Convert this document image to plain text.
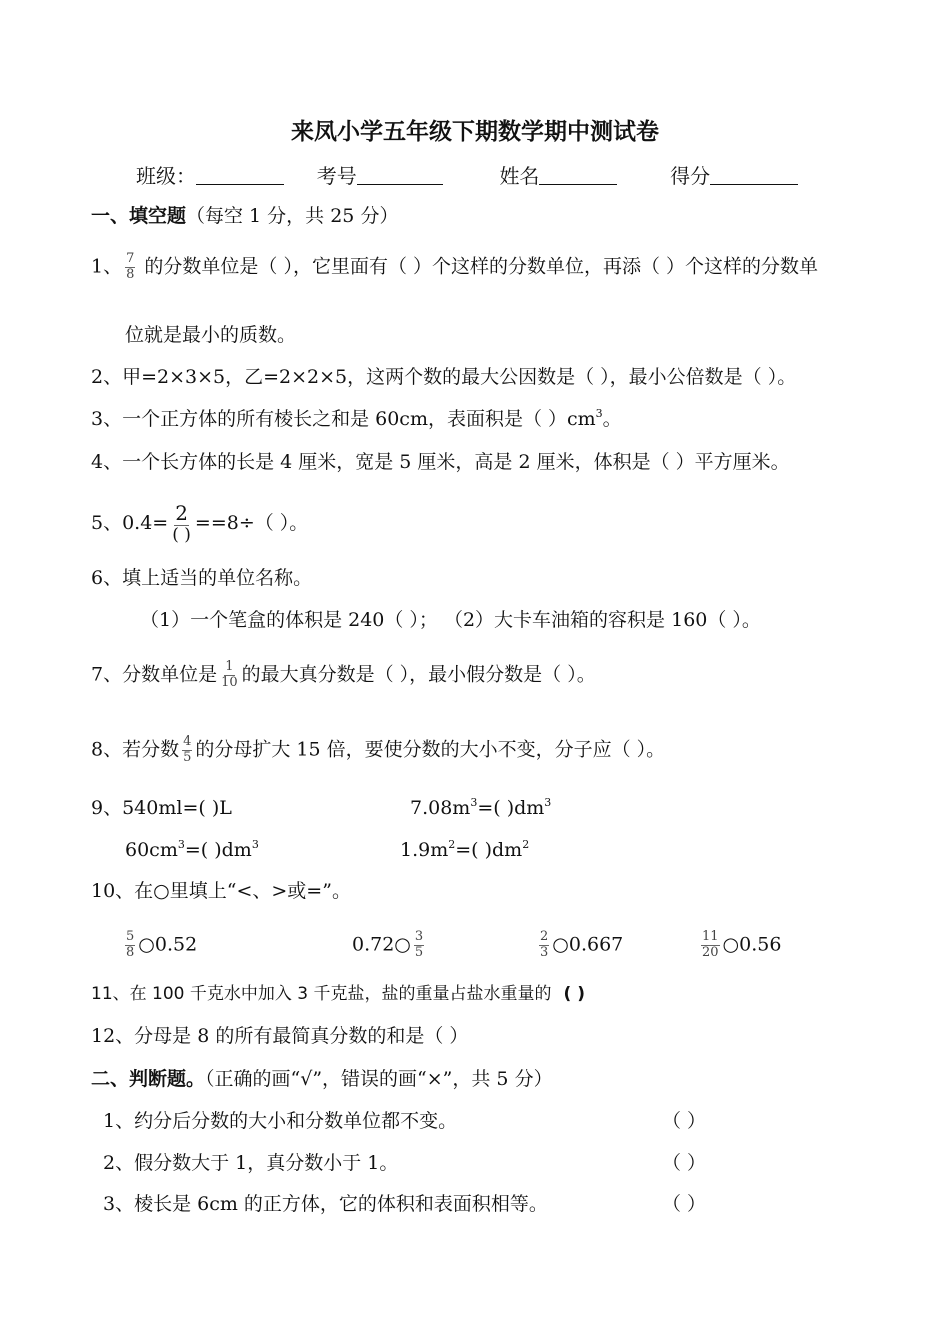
来凤小学五年级下期数学期中测试卷
班级：	考号	姓名	得分
一、填空题（每空 1 分，共 25 分）
1、 $\frac{7}{8}$ 的分数单位是（ ），它里面有（ ）个这样的分数单位，再添（ ）个这样的分数单
位就是最小的质数。
2、甲=2×3×5，乙=2×2×5，这两个数的最大公因数是（ ），最小公倍数是（ ）。
3、一个正方体的所有棱长之和是 60cm，表面积是（ ）$cm^3$。
4、一个长方体的长是 4 厘米，宽是 5 厘米，高是 2 厘米，体积是（ ）平方厘米。
5、$0.4= \frac{2}{( )} ==8\div$（ ）。
6、填上适当的单位名称。
（1）一个笔盒的体积是 240（ ）； （2）大卡车油箱的容积是 160（ ）。
7、分数单位是 $\frac{1}{10}$ 的最大真分数是（ ），最小假分数是（ ）。
8、若分数 $\frac{4}{5}$ 的分母扩大 15 倍，要使分数的大小不变，分子应（ ）。
9、540ml=( )L	$7.08m^3=$( )$dm^3$
$60cm^3=$( )$dm^3$	$1.9m^2=$( )$dm^2$
10、在○里填上“<、>或=”。
$\frac{5}{8}$ ○0.52	0.72○ $\frac{3}{5}$	$\frac{2}{3}$ ○0.667	$\frac{11}{20}$ ○0.56
11、在 100 千克水中加入 3 千克盐，盐的重量占盐水重量的 ( )
12、分母是 8 的所有最简真分数的和是（ ）
二、判断题。（正确的画“√”，错误的画“×”，共 5 分）
1、约分后分数的大小和分数单位都不变。	（ ）
2、假分数大于 1，真分数小于 1。	（ ）
3、棱长是 6cm 的正方体，它的体积和表面积相等。	（ ）
